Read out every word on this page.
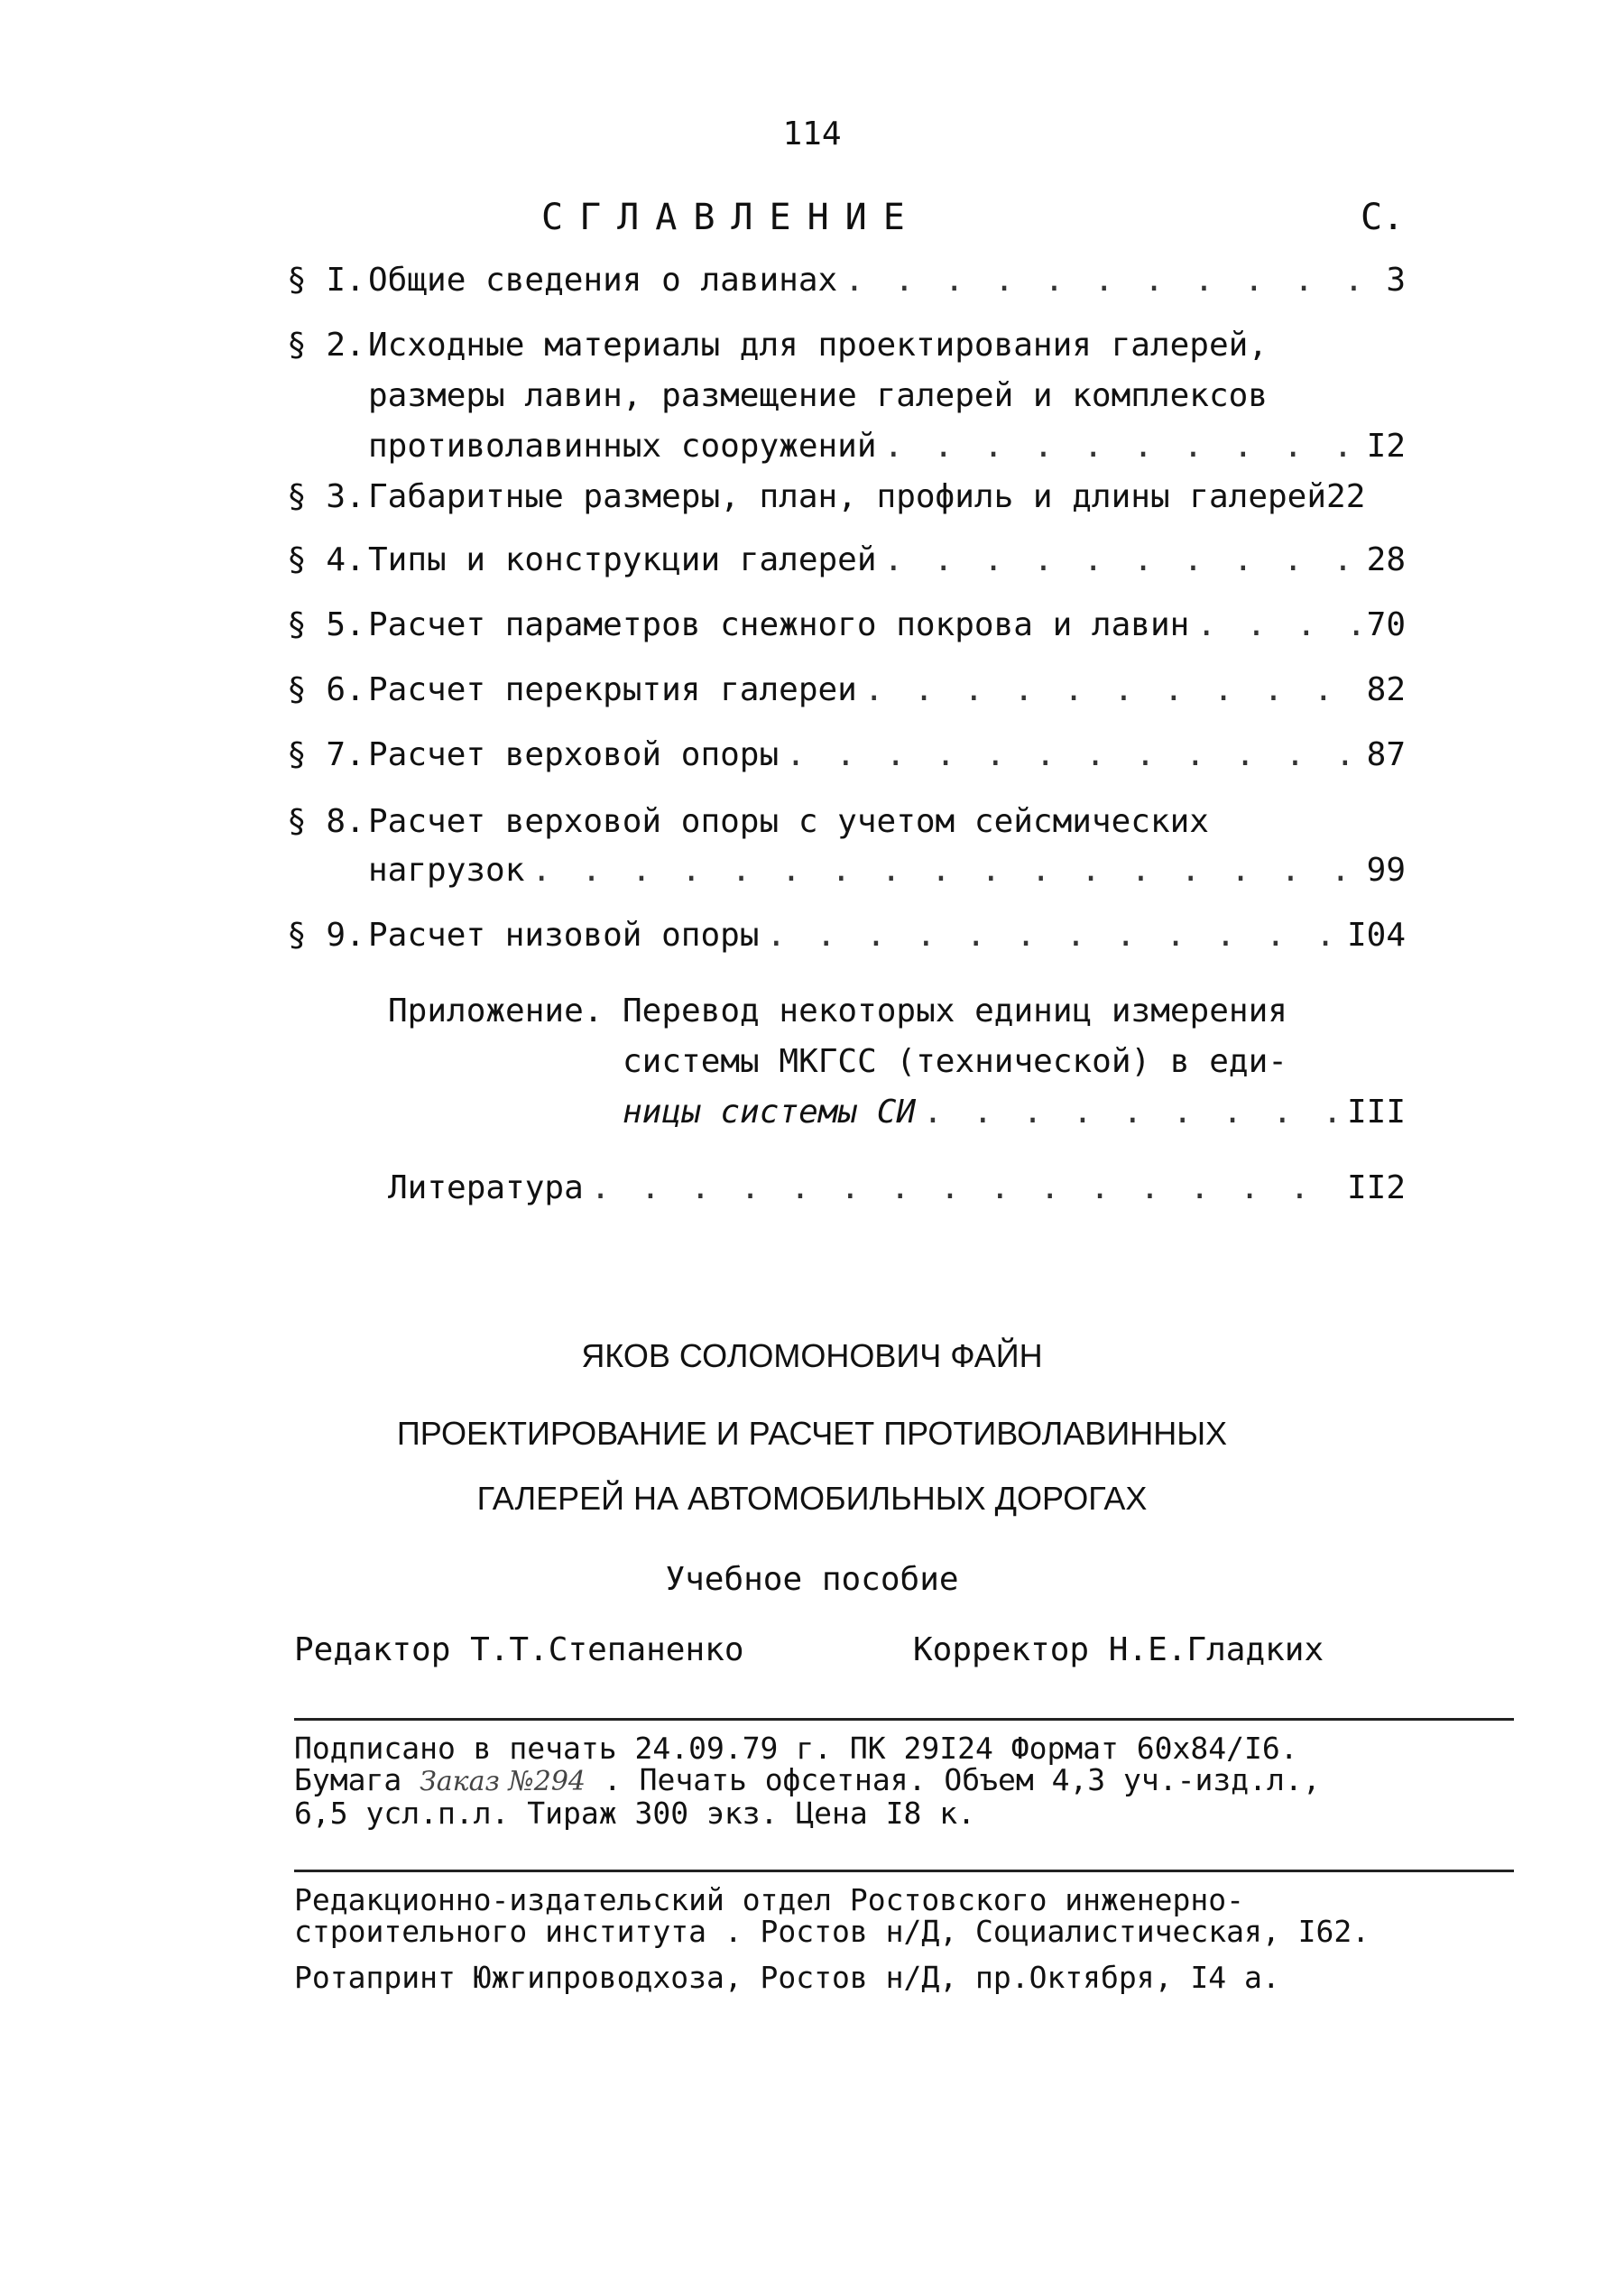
114
СГЛАВЛЕНИЕ	С.
§ I. Общие сведения о лавинах . . .	3
§ 2. Исходные материалы для проектирования галерей,
размеры лавин, размещение галерей и комплексов
противолавинных сооружений . . .	I2
§ 3. Габаритные размеры, план, профиль и длины галерей 22
§ 4. Типы и конструкции галерей . . .	28
§ 5. Расчет параметров снежного покрова и лавин . . .	70
§ 6. Расчет перекрытия галереи . . .	82
§ 7. Расчет верховой опоры . . .	87
§ 8. Расчет верховой опоры с учетом сейсмических
нагрузок . . .	99
§ 9. Расчет низовой опоры . . .	I04
Приложение. Перевод некоторых единиц измерения
системы МКГСС (технической) в еди-
ницы системы СИ . . .	III
Литература . . .	II2
ЯКОВ СОЛОМОНОВИЧ ФАЙН
ПРОЕКТИРОВАНИЕ И РАСЧЕТ ПРОТИВОЛАВИННЫХ
ГАЛЕРЕЙ НА АВТОМОБИЛЬНЫХ ДОРОГАХ
Учебное пособие
Редактор Т.Т.Степаненко	Корректор Н.Е.Гладких
Подписано в печать 24.09.79 г. ПК 29I24 Формат 60х84/I6.
Бумага Заказ №294 . Печать офсетная. Объем 4,3 уч.-изд.л.,
6,5 усл.п.л. Тираж 300 экз. Цена I8 к.
Редакционно-издательский отдел Ростовского инженерно-
строительного института . Ростов н/Д, Социалистическая, I62.
Ротапринт Южгипроводхоза, Ростов н/Д, пр.Октября, I4 а.
